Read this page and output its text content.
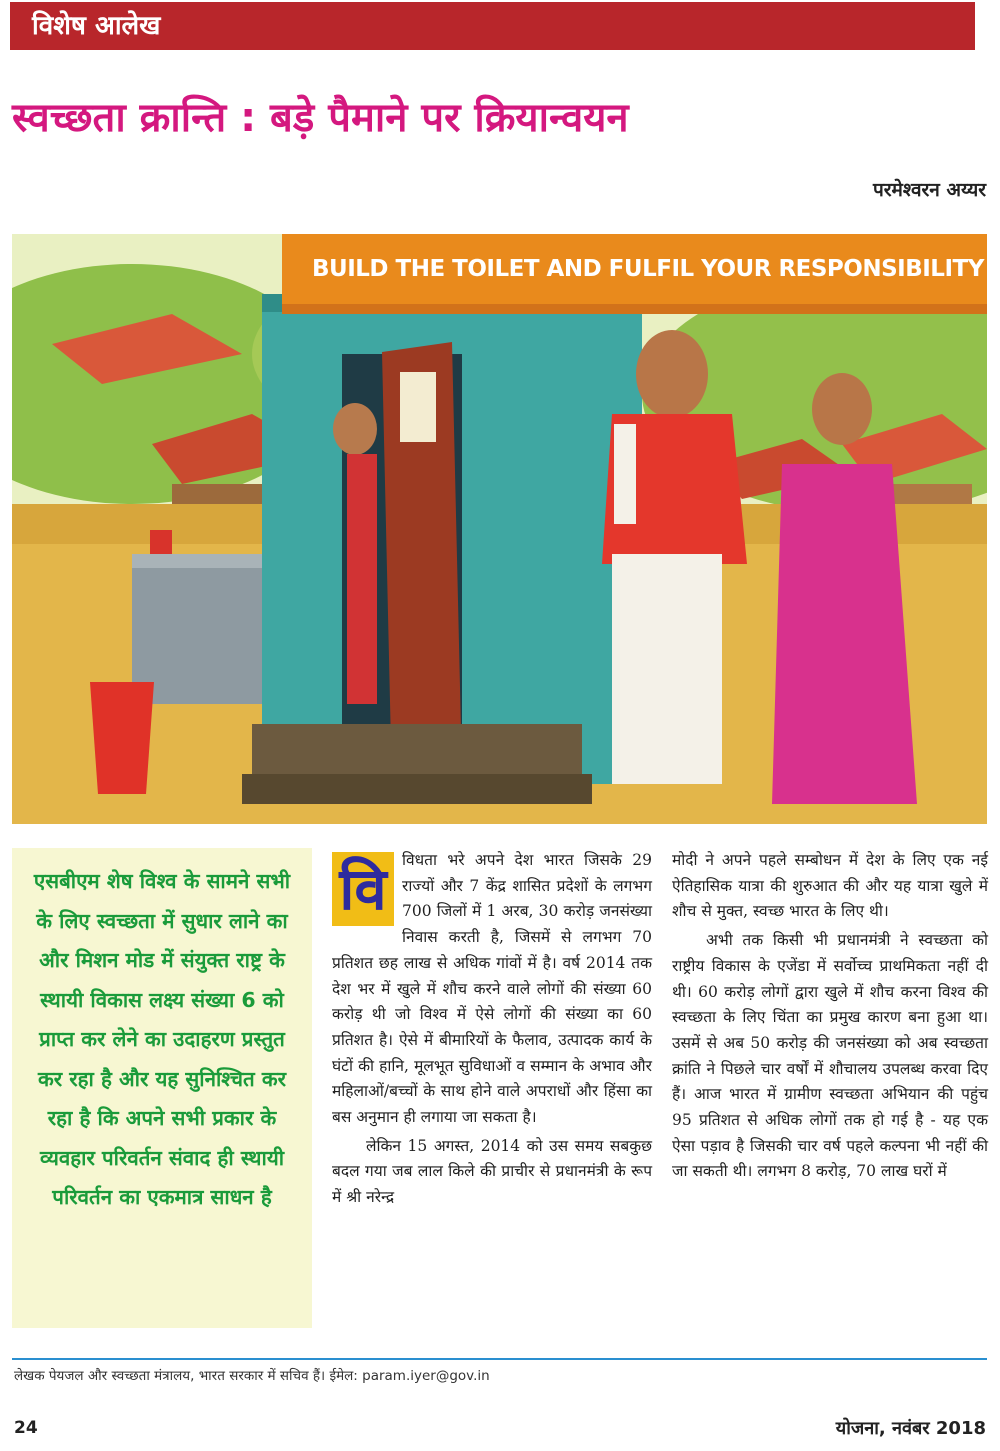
विशेष आलेख
स्वच्छता क्रान्ति : बड़े पैमाने पर क्रियान्वयन
परमेश्वरन अय्यर
BUILD THE TOILET AND FULFIL YOUR RESPONSIBILITY
एसबीएम शेष विश्व के सामने सभी के लिए स्वच्छता में सुधार लाने का और मिशन मोड में संयुक्त राष्ट्र के स्थायी विकास लक्ष्य संख्या 6 को प्राप्त कर लेने का उदाहरण प्रस्तुत कर रहा है और यह सुनिश्चित कर रहा है कि अपने सभी प्रकार के व्यवहार परिवर्तन संवाद ही स्थायी परिवर्तन का एकमात्र साधन है

वि विधता भरे अपने देश भारत जिसके 29 राज्यों और 7 केंद्र शासित प्रदेशों के लगभग 700 जिलों में 1 अरब, 30 करोड़ जनसंख्या निवास करती है, जिसमें से लगभग 70 प्रतिशत छह लाख से अधिक गांवों में है। वर्ष 2014 तक देश भर में खुले में शौच करने वाले लोगों की संख्या 60 करोड़ थी जो विश्व में ऐसे लोगों की संख्या का 60 प्रतिशत है। ऐसे में बीमारियों के फैलाव, उत्पादक कार्य के घंटों की हानि, मूलभूत सुविधाओं व सम्मान के अभाव और महिलाओं/बच्चों के साथ होने वाले अपराधों और हिंसा का बस अनुमान ही लगाया जा सकता है।

लेकिन 15 अगस्त, 2014 को उस समय सबकुछ बदल गया जब लाल किले की प्राचीर से प्रधानमंत्री के रूप में श्री नरेन्द्र

मोदी ने अपने पहले सम्बोधन में देश के लिए एक नई ऐतिहासिक यात्रा की शुरुआत की और यह यात्रा खुले में शौच से मुक्त, स्वच्छ भारत के लिए थी।

अभी तक किसी भी प्रधानमंत्री ने स्वच्छता को राष्ट्रीय विकास के एजेंडा में सर्वोच्च प्राथमिकता नहीं दी थी। 60 करोड़ लोगों द्वारा खुले में शौच करना विश्व की स्वच्छता के लिए चिंता का प्रमुख कारण बना हुआ था। उसमें से अब 50 करोड़ की जनसंख्या को अब स्वच्छता क्रांति ने पिछले चार वर्षों में शौचालय उपलब्ध करवा दिए हैं। आज भारत में ग्रामीण स्वच्छता अभियान की पहुंच 95 प्रतिशत से अधिक लोगों तक हो गई है - यह एक ऐसा पड़ाव है जिसकी चार वर्ष पहले कल्पना भी नहीं की जा सकती थी। लगभग 8 करोड़, 70 लाख घरों में

लेखक पेयजल और स्वच्छता मंत्रालय, भारत सरकार में सचिव हैं। ईमेल: param.iyer@gov.in
24	योजना, नवंबर 2018
